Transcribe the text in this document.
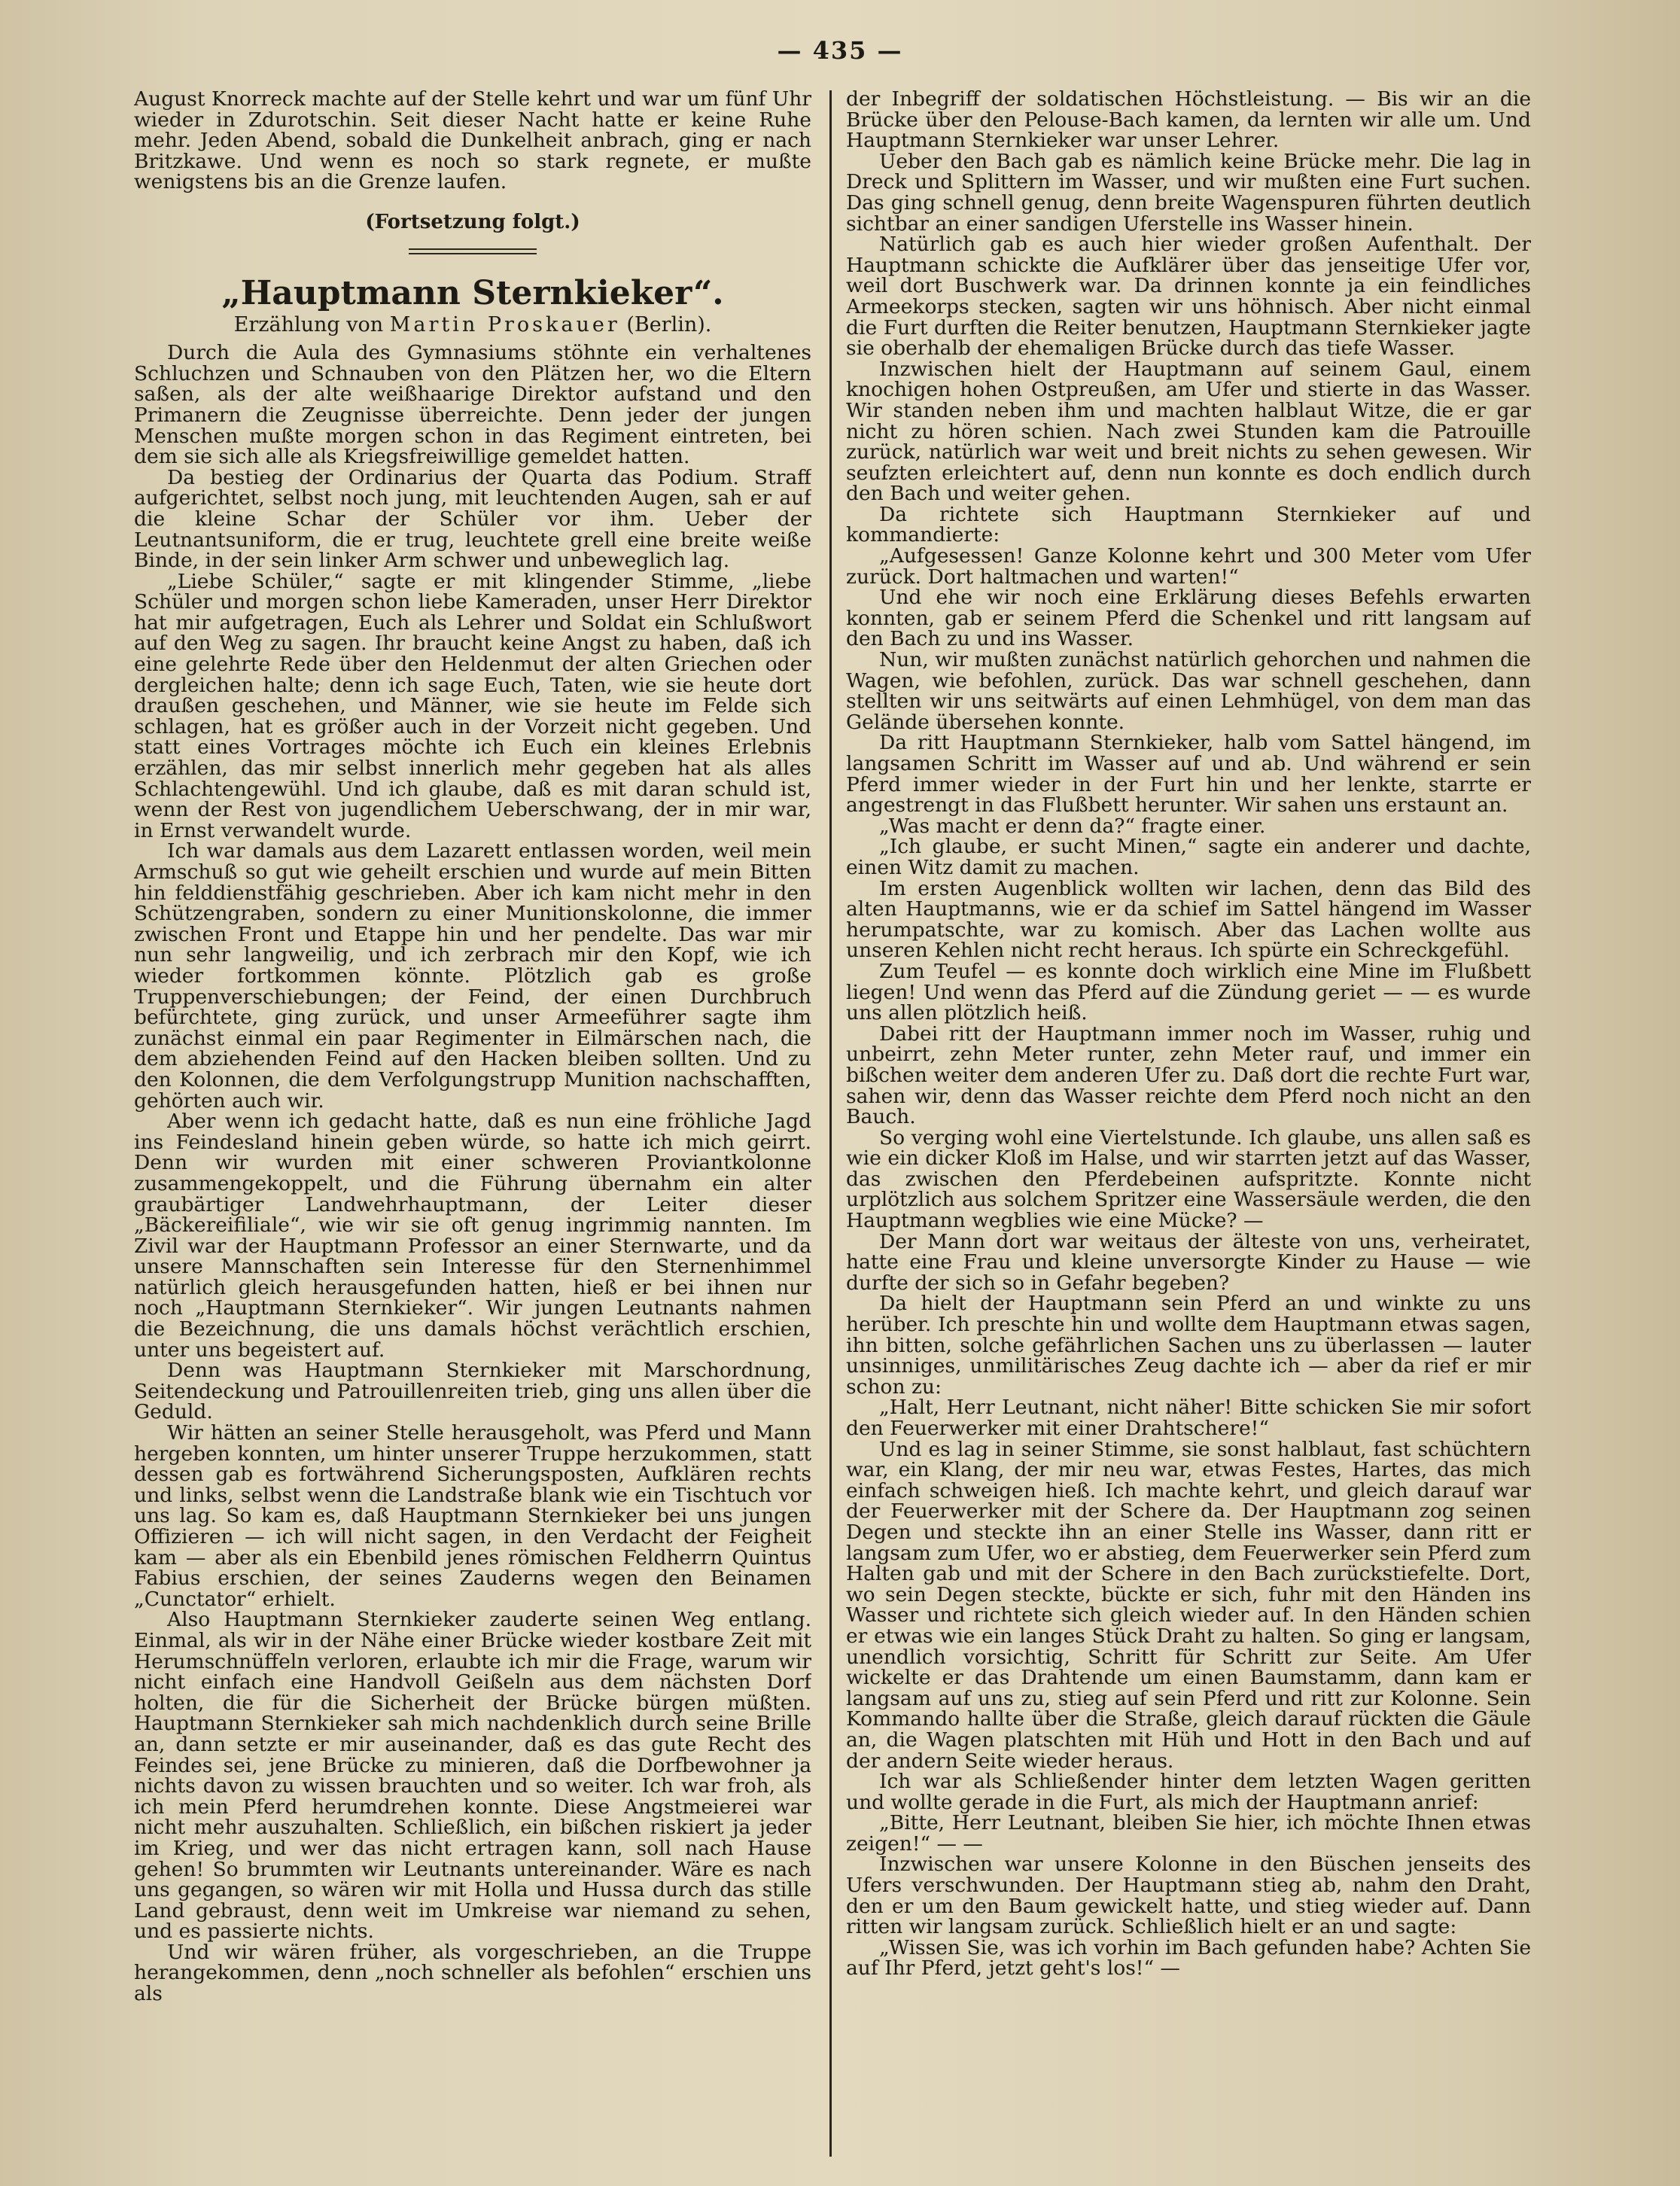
— 435 —

August Knorreck machte auf der Stelle kehrt und war um fünf Uhr wieder in Zdurotschin. Seit dieser Nacht hatte er keine Ruhe mehr. Jeden Abend, sobald die Dunkelheit anbrach, ging er nach Britzkawe. Und wenn es noch so stark regnete, er mußte wenigstens bis an die Grenze laufen.

(Fortsetzung folgt.)
„Hauptmann Sternkieker“.
Erzählung von Martin Proskauer (Berlin).

Durch die Aula des Gymnasiums stöhnte ein verhaltenes Schluchzen und Schnauben von den Plätzen her, wo die Eltern saßen, als der alte weißhaarige Direktor aufstand und den Primanern die Zeugnisse überreichte. Denn jeder der jungen Menschen mußte morgen schon in das Regiment eintreten, bei dem sie sich alle als Kriegsfreiwillige gemeldet hatten.

Da bestieg der Ordinarius der Quarta das Podium. Straff aufgerichtet, selbst noch jung, mit leuchtenden Augen, sah er auf die kleine Schar der Schüler vor ihm. Ueber der Leutnantsuniform, die er trug, leuchtete grell eine breite weiße Binde, in der sein linker Arm schwer und unbeweglich lag.

„Liebe Schüler,“ sagte er mit klingender Stimme, „liebe Schüler und morgen schon liebe Kameraden, unser Herr Direktor hat mir aufgetragen, Euch als Lehrer und Soldat ein Schlußwort auf den Weg zu sagen. Ihr braucht keine Angst zu haben, daß ich eine gelehrte Rede über den Heldenmut der alten Griechen oder dergleichen halte; denn ich sage Euch, Taten, wie sie heute dort draußen geschehen, und Männer, wie sie heute im Felde sich schlagen, hat es größer auch in der Vorzeit nicht gegeben. Und statt eines Vortrages möchte ich Euch ein kleines Erlebnis erzählen, das mir selbst innerlich mehr gegeben hat als alles Schlachtengewühl. Und ich glaube, daß es mit daran schuld ist, wenn der Rest von jugendlichem Ueberschwang, der in mir war, in Ernst verwandelt wurde.

Ich war damals aus dem Lazarett entlassen worden, weil mein Armschuß so gut wie geheilt erschien und wurde auf mein Bitten hin felddienstfähig geschrieben. Aber ich kam nicht mehr in den Schützengraben, sondern zu einer Munitionskolonne, die immer zwischen Front und Etappe hin und her pendelte. Das war mir nun sehr langweilig, und ich zerbrach mir den Kopf, wie ich wieder fortkommen könnte. Plötzlich gab es große Truppenverschiebungen; der Feind, der einen Durchbruch befürchtete, ging zurück, und unser Armeeführer sagte ihm zunächst einmal ein paar Regimenter in Eilmärschen nach, die dem abziehenden Feind auf den Hacken bleiben sollten. Und zu den Kolonnen, die dem Verfolgungstrupp Munition nachschafften, gehörten auch wir.

Aber wenn ich gedacht hatte, daß es nun eine fröhliche Jagd ins Feindesland hinein geben würde, so hatte ich mich geirrt. Denn wir wurden mit einer schweren Proviantkolonne zusammengekoppelt, und die Führung übernahm ein alter graubärtiger Landwehrhauptmann, der Leiter dieser „Bäckereifiliale“, wie wir sie oft genug ingrimmig nannten. Im Zivil war der Hauptmann Professor an einer Sternwarte, und da unsere Mannschaften sein Interesse für den Sternenhimmel natürlich gleich herausgefunden hatten, hieß er bei ihnen nur noch „Hauptmann Sternkieker“. Wir jungen Leutnants nahmen die Bezeichnung, die uns damals höchst verächtlich erschien, unter uns begeistert auf.

Denn was Hauptmann Sternkieker mit Marschordnung, Seitendeckung und Patrouillenreiten trieb, ging uns allen über die Geduld.

Wir hätten an seiner Stelle herausgeholt, was Pferd und Mann hergeben konnten, um hinter unserer Truppe herzukommen, statt dessen gab es fortwährend Sicherungsposten, Aufklären rechts und links, selbst wenn die Landstraße blank wie ein Tischtuch vor uns lag. So kam es, daß Hauptmann Sternkieker bei uns jungen Offizieren — ich will nicht sagen, in den Verdacht der Feigheit kam — aber als ein Ebenbild jenes römischen Feldherrn Quintus Fabius erschien, der seines Zauderns wegen den Beinamen „Cunctator“ erhielt.

Also Hauptmann Sternkieker zauderte seinen Weg entlang. Einmal, als wir in der Nähe einer Brücke wieder kostbare Zeit mit Herumschnüffeln verloren, erlaubte ich mir die Frage, warum wir nicht einfach eine Handvoll Geißeln aus dem nächsten Dorf holten, die für die Sicherheit der Brücke bürgen müßten. Hauptmann Sternkieker sah mich nachdenklich durch seine Brille an, dann setzte er mir auseinander, daß es das gute Recht des Feindes sei, jene Brücke zu minieren, daß die Dorfbewohner ja nichts davon zu wissen brauchten und so weiter. Ich war froh, als ich mein Pferd herumdrehen konnte. Diese Angstmeierei war nicht mehr auszuhalten. Schließlich, ein bißchen riskiert ja jeder im Krieg, und wer das nicht ertragen kann, soll nach Hause gehen! So brummten wir Leutnants untereinander. Wäre es nach uns gegangen, so wären wir mit Holla und Hussa durch das stille Land gebraust, denn weit im Umkreise war niemand zu sehen, und es passierte nichts.

Und wir wären früher, als vorgeschrieben, an die Truppe herangekommen, denn „noch schneller als befohlen“ erschien uns als

der Inbegriff der soldatischen Höchstleistung. — Bis wir an die Brücke über den Pelouse-Bach kamen, da lernten wir alle um. Und Hauptmann Sternkieker war unser Lehrer.

Ueber den Bach gab es nämlich keine Brücke mehr. Die lag in Dreck und Splittern im Wasser, und wir mußten eine Furt suchen. Das ging schnell genug, denn breite Wagenspuren führten deutlich sichtbar an einer sandigen Uferstelle ins Wasser hinein.

Natürlich gab es auch hier wieder großen Aufenthalt. Der Hauptmann schickte die Aufklärer über das jenseitige Ufer vor, weil dort Buschwerk war. Da drinnen konnte ja ein feindliches Armeekorps stecken, sagten wir uns höhnisch. Aber nicht einmal die Furt durften die Reiter benutzen, Hauptmann Sternkieker jagte sie oberhalb der ehemaligen Brücke durch das tiefe Wasser.

Inzwischen hielt der Hauptmann auf seinem Gaul, einem knochigen hohen Ostpreußen, am Ufer und stierte in das Wasser. Wir standen neben ihm und machten halblaut Witze, die er gar nicht zu hören schien. Nach zwei Stunden kam die Patrouille zurück, natürlich war weit und breit nichts zu sehen gewesen. Wir seufzten erleichtert auf, denn nun konnte es doch endlich durch den Bach und weiter gehen.

Da richtete sich Hauptmann Sternkieker auf und kommandierte:

„Aufgesessen! Ganze Kolonne kehrt und 300 Meter vom Ufer zurück. Dort haltmachen und warten!“

Und ehe wir noch eine Erklärung dieses Befehls erwarten konnten, gab er seinem Pferd die Schenkel und ritt langsam auf den Bach zu und ins Wasser.

Nun, wir mußten zunächst natürlich gehorchen und nahmen die Wagen, wie befohlen, zurück. Das war schnell geschehen, dann stellten wir uns seitwärts auf einen Lehmhügel, von dem man das Gelände übersehen konnte.

Da ritt Hauptmann Sternkieker, halb vom Sattel hängend, im langsamen Schritt im Wasser auf und ab. Und während er sein Pferd immer wieder in der Furt hin und her lenkte, starrte er angestrengt in das Flußbett herunter. Wir sahen uns erstaunt an.

„Was macht er denn da?“ fragte einer.

„Ich glaube, er sucht Minen,“ sagte ein anderer und dachte, einen Witz damit zu machen.

Im ersten Augenblick wollten wir lachen, denn das Bild des alten Hauptmanns, wie er da schief im Sattel hängend im Wasser herumpatschte, war zu komisch. Aber das Lachen wollte aus unseren Kehlen nicht recht heraus. Ich spürte ein Schreckgefühl.

Zum Teufel — es konnte doch wirklich eine Mine im Flußbett liegen! Und wenn das Pferd auf die Zündung geriet — — es wurde uns allen plötzlich heiß.

Dabei ritt der Hauptmann immer noch im Wasser, ruhig und unbeirrt, zehn Meter runter, zehn Meter rauf, und immer ein bißchen weiter dem anderen Ufer zu. Daß dort die rechte Furt war, sahen wir, denn das Wasser reichte dem Pferd noch nicht an den Bauch.

So verging wohl eine Viertelstunde. Ich glaube, uns allen saß es wie ein dicker Kloß im Halse, und wir starrten jetzt auf das Wasser, das zwischen den Pferdebeinen aufspritzte. Konnte nicht urplötzlich aus solchem Spritzer eine Wassersäule werden, die den Hauptmann wegblies wie eine Mücke? —

Der Mann dort war weitaus der älteste von uns, verheiratet, hatte eine Frau und kleine unversorgte Kinder zu Hause — wie durfte der sich so in Gefahr begeben?

Da hielt der Hauptmann sein Pferd an und winkte zu uns herüber. Ich preschte hin und wollte dem Hauptmann etwas sagen, ihn bitten, solche gefährlichen Sachen uns zu überlassen — lauter unsinniges, unmilitärisches Zeug dachte ich — aber da rief er mir schon zu:

„Halt, Herr Leutnant, nicht näher! Bitte schicken Sie mir sofort den Feuerwerker mit einer Drahtschere!“

Und es lag in seiner Stimme, sie sonst halblaut, fast schüchtern war, ein Klang, der mir neu war, etwas Festes, Hartes, das mich einfach schweigen hieß. Ich machte kehrt, und gleich darauf war der Feuerwerker mit der Schere da. Der Hauptmann zog seinen Degen und steckte ihn an einer Stelle ins Wasser, dann ritt er langsam zum Ufer, wo er abstieg, dem Feuerwerker sein Pferd zum Halten gab und mit der Schere in den Bach zurückstiefelte. Dort, wo sein Degen steckte, bückte er sich, fuhr mit den Händen ins Wasser und richtete sich gleich wieder auf. In den Händen schien er etwas wie ein langes Stück Draht zu halten. So ging er langsam, unendlich vorsichtig, Schritt für Schritt zur Seite. Am Ufer wickelte er das Drahtende um einen Baumstamm, dann kam er langsam auf uns zu, stieg auf sein Pferd und ritt zur Kolonne. Sein Kommando hallte über die Straße, gleich darauf rückten die Gäule an, die Wagen platschten mit Hüh und Hott in den Bach und auf der andern Seite wieder heraus.

Ich war als Schließender hinter dem letzten Wagen geritten und wollte gerade in die Furt, als mich der Hauptmann anrief:

„Bitte, Herr Leutnant, bleiben Sie hier, ich möchte Ihnen etwas zeigen!“ — —

Inzwischen war unsere Kolonne in den Büschen jenseits des Ufers verschwunden. Der Hauptmann stieg ab, nahm den Draht, den er um den Baum gewickelt hatte, und stieg wieder auf. Dann ritten wir langsam zurück. Schließlich hielt er an und sagte:

„Wissen Sie, was ich vorhin im Bach gefunden habe? Achten Sie auf Ihr Pferd, jetzt geht's los!“ —
